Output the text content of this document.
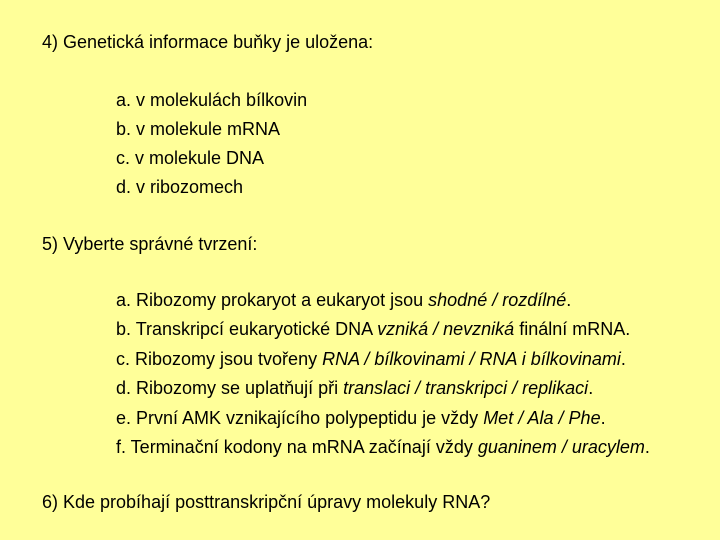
4) Genetická informace buňky je uložena:
a. v molekulách bílkovin
b. v molekule mRNA
c. v molekule DNA
d. v ribozomech
5) Vyberte správné tvrzení:
a. Ribozomy prokaryot a eukaryot jsou shodné / rozdílné.
b. Transkripcí eukaryotické DNA vzniká / nevzniká finální mRNA.
c. Ribozomy jsou tvořeny RNA / bílkovinami / RNA i bílkovinami.
d. Ribozomy se uplatňují při translaci / transkripci / replikaci.
e. První AMK vznikajícího polypeptidu je vždy Met / Ala / Phe.
f. Terminační kodony na mRNA začínají vždy guaninem / uracylem.
6) Kde probíhají posttranskripční úpravy molekuly RNA?
